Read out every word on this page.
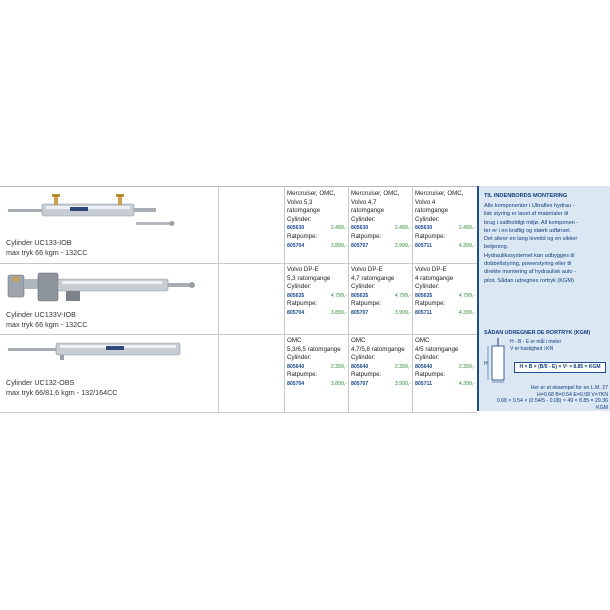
Cylinder UC133-IOB
max tryk 66 kgm - 132CC
Mercruiser, OMC,
Volvo 5,3
ratomgange
Cylinder:
805630	2.499,-
Ratpumpe:
805704	3.899,-
Mercruiser, OMC,
Volvo 4,7
ratomgange
Cylinder:
805630	2.499,-
Ratpumpe:
805707	3.999,-
Mercruiser, OMC,
Volvo 4
ratomgange
Cylinder:
805630	2.499,-
Ratpumpe:
805711	4.399,-
Cylinder UC133V-IOB
max tryk 66 kgm - 132CC
Volvo DP-E
5,3 ratomgange
Cylinder:
805635	4.799,-
Ratpumpe:
805704	3.899,-
Volvo DP-E
4,7 ratomgange
Cylinder:
805635	4.799,-
Ratpumpe:
805707	3.999,-
Volvo DP-E
4 ratomgange
Cylinder:
805635	4.799,-
Ratpumpe:
805711	4.399,-
Cylinder UC132-OBS
max tryk 66/81,6 kgm - 132/164CC
OMC
5,3/6,5 ratomgange
Cylinder:
805640	2.399,-
Ratpumpe:
805704	3.899,-
OMC
4,7/5,8 ratomgange
Cylinder:
805640	2.399,-
Ratpumpe:
805707	3.999,-
OMC
4/5 ratomgange
Cylinder:
805640	2.399,-
Ratpumpe:
805711	4.399,-
TIL INDENBORDS MONTERING
Alle komponenter i Ultraflex hydrau -
lisk styring er lavet af materialer til
brug i saltholdigt miljø. All komponen -
ter er i en kraftig og stærk udførsel.
Det sikrer en lang levetid og en sikker
betjening.
Hydraulikssystemet kan udbygges til
dobbeltstyring, powerstyring eller til
direkte montering af hydraulisk auto -
pilot. Sådan udregnes rortryk (KGM)
SÅDAN UDREGNER DE RORTRYK (KGM)
H
H - B - E er mål i meter
V er hastighed i KN
H × B × (B/5 - E) × V² × 8.85 = KGM
Her er et eksempel for en L.M. 27
H=0.68 B=0.54 E=0.08 V=7KN
0.68 × 0.54 × (0.54/5 - 0.08) × 49 × 8.85 = 29.36
KGM
